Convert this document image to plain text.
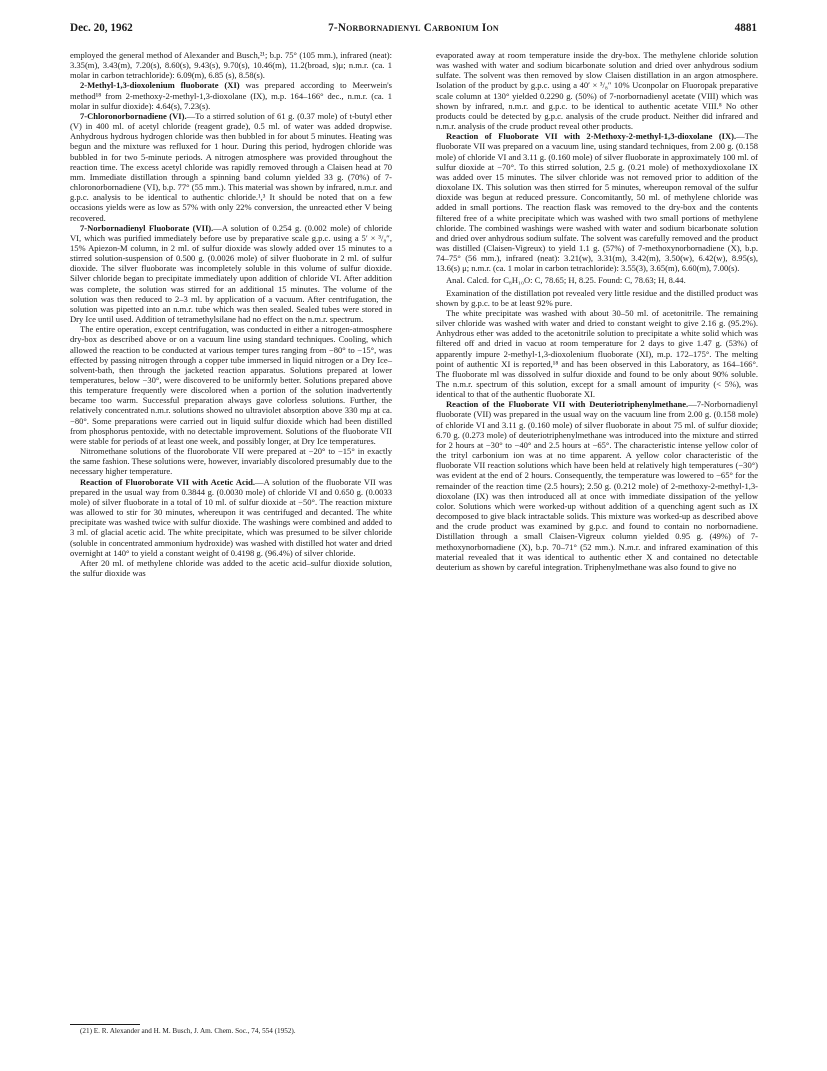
Dec. 20, 1962	7-Norbornadienyl Carbonium Ion	4881

employed the general method of Alexander and Busch,²¹; b.p. 75° (105 mm.), infrared (neat): 3.35(m), 3.43(m), 7.20(s), 8.60(s), 9.43(s), 9.70(s), 10.46(m), 11.2(broad, s)μ; n.m.r. (ca. 1 molar in carbon tetrachloride): 6.09(m), 6.85 (s), 8.58(s).

2-Methyl-1,3-dioxolenium fluoborate (XI) was prepared according to Meerwein's method¹⁸ from 2-methoxy-2-methyl-1,3-dioxolane (IX), m.p. 164–166° dec., n.m.r. (ca. 1 molar in sulfur dioxide): 4.64(s), 7.23(s).

7-Chloronorbornadiene (VI).—To a stirred solution of 61 g. (0.37 mole) of t-butyl ether (V) in 400 ml. of acetyl chloride (reagent grade), 0.5 ml. of water was added dropwise. Anhydrous hydrous hydrogen chloride was then bubbled in for about 5 minutes. Heating was begun and the mixture was refluxed for 1 hour. During this period, hydrogen chloride was bubbled in for two 5-minute periods. A nitrogen atmosphere was provided throughout the reaction time. The excess acetyl chloride was rapidly removed through a Claisen head at 70 mm. Immediate distillation through a spinning band column yielded 33 g. (70%) of 7-chloronorbornadiene (VI), b.p. 77° (55 mm.). This material was shown by infrared, n.m.r. and g.p.c. analysis to be identical to authentic chloride.¹,³ It should be noted that on a few occasions yields were as low as 57% with only 22% conversion, the unreacted ether V being recovered.

7-Norbornadienyl Fluoborate (VII).—A solution of 0.254 g. (0.002 mole) of chloride VI, which was purified immediately before use by preparative scale g.p.c. using a 5′ × ³/₈″, 15% Apiezon-M column, in 2 ml. of sulfur dioxide was slowly added over 15 minutes to a stirred solution-suspension of 0.500 g. (0.0026 mole) of silver fluoborate in 2 ml. of sulfur dioxide. The silver fluoborate was incompletely soluble in this volume of sulfur dioxide. Silver chloride began to precipitate immediately upon addition of chloride VI. After addition was complete, the solution was stirred for an additional 15 minutes. The volume of the solution was then reduced to 2–3 ml. by application of a vacuum. After centrifugation, the solution was pipetted into an n.m.r. tube which was then sealed. Sealed tubes were stored in Dry Ice until used. Addition of tetramethylsilane had no effect on the n.m.r. spectrum.

The entire operation, except centrifugation, was conducted in either a nitrogen-atmosphere dry-box as described above or on a vacuum line using standard techniques. Cooling, which allowed the reaction to be conducted at various temper tures ranging from −80° to −15°, was effected by passing nitrogen through a copper tube immersed in liquid nitrogen or a Dry Ice–solvent-bath, then through the jacketed reaction apparatus. Solutions prepared at lower temperatures, below −30°, were discovered to be uniformly better. Solutions prepared above this temperature frequently were discolored when a portion of the solution inadvertently became too warm. Successful preparation always gave colorless solutions. Further, the relatively concentrated n.m.r. solutions showed no ultraviolet absorption above 330 mμ at ca. −80°. Some preparations were carried out in liquid sulfur dioxide which had been distilled from phosphorus pentoxide, with no detectable improvement. Solutions of the fluoborate VII were stable for periods of at least one week, and possibly longer, at Dry Ice temperatures.

Nitromethane solutions of the fluoroborate VII were prepared at −20° to −15° in exactly the same fashion. These solutions were, however, invariably discolored presumably due to the necessary higher temperature.

Reaction of Fluoroborate VII with Acetic Acid.—A solution of the fluoborate VII was prepared in the usual way from 0.3844 g. (0.0030 mole) of chloride VI and 0.650 g. (0.0033 mole) of silver fluoborate in a total of 10 ml. of sulfur dioxide at −50°. The reaction mixture was allowed to stir for 30 minutes, whereupon it was centrifuged and decanted. The white precipitate was washed twice with sulfur dioxide. The washings were combined and added to 3 ml. of glacial acetic acid. The white precipitate, which was presumed to be silver chloride (soluble in concentrated ammonium hydroxide) was washed with distilled hot water and dried overnight at 140° to yield a constant weight of 0.4198 g. (96.4%) of silver chloride.

After 20 ml. of methylene chloride was added to the acetic acid–sulfur dioxide solution, the sulfur dioxide was

evaporated away at room temperature inside the dry-box. The methylene chloride solution was washed with water and sodium bicarbonate solution and dried over anhydrous sodium sulfate. The solvent was then removed by slow Claisen distillation in an argon atmosphere. Isolation of the product by g.p.c. using a 40′ × ³/₈″ 10% Uconpolar on Fluoropak preparative scale column at 130° yielded 0.2290 g. (50%) of 7-norbornadienyl acetate (VIII) which was shown by infrared, n.m.r. and g.p.c. to be identical to authentic acetate VIII.⁸ No other products could be detected by g.p.c. analysis of the crude product. Neither did infrared and n.m.r. analysis of the crude product reveal other products.

Reaction of Fluoborate VII with 2-Methoxy-2-methyl-1,3-dioxolane (IX).—The fluoborate VII was prepared on a vacuum line, using standard techniques, from 2.00 g. (0.158 mole) of chloride VI and 3.11 g. (0.160 mole) of silver fluoborate in approximately 100 ml. of sulfur dioxide at −70°. To this stirred solution, 2.5 g. (0.21 mole) of methoxydioxolane IX was added over 15 minutes. The silver chloride was not removed prior to addition of the dioxolane IX. This solution was then stirred for 5 minutes, whereupon removal of the sulfur dioxide was begun at reduced pressure. Concomitantly, 50 ml. of methylene chloride was added in small portions. The reaction flask was removed to the dry-box and the contents filtered free of a white precipitate which was washed with two small portions of methylene chloride. The combined washings were washed with water and sodium bicarbonate solution and dried over anhydrous sodium sulfate. The solvent was carefully removed and the product was distilled (Claisen-Vigreux) to yield 1.1 g. (57%) of 7-methoxynorbornadiene (X), b.p. 74–75° (56 mm.), infrared (neat): 3.21(w), 3.31(m), 3.42(m), 3.50(w), 6.42(w), 8.95(s), 13.6(s) μ; n.m.r. (ca. 1 molar in carbon tetrachloride): 3.55(3), 3.65(m), 6.60(m), 7.00(s).

Anal. Calcd. for C₈H₁₀O: C, 78.65; H, 8.25. Found: C, 78.63; H, 8.44.

Examination of the distillation pot revealed very little residue and the distilled product was shown by g.p.c. to be at least 92% pure.

The white precipitate was washed with about 30–50 ml. of acetonitrile. The remaining silver chloride was washed with water and dried to constant weight to give 2.16 g. (95.2%). Anhydrous ether was added to the acetonitrile solution to precipitate a white solid which was filtered off and dried in vacuo at room temperature for 2 days to give 1.47 g. (53%) of apparently impure 2-methyl-1,3-dioxolenium fluoborate (XI), m.p. 172–175°. The melting point of authentic XI is reported,¹⁸ and has been observed in this Laboratory, as 164–166°. The fluoborate ml was dissolved in sulfur dioxide and found to be only about 90% soluble. The n.m.r. spectrum of this solution, except for a small amount of impurity (< 5%), was identical to that of the authentic fluoborate XI.

Reaction of the Fluoborate VII with Deuteriotriphenylmethane.—7-Norbornadienyl fluoborate (VII) was prepared in the usual way on the vacuum line from 2.00 g. (0.158 mole) of chloride VI and 3.11 g. (0.160 mole) of silver fluoborate in about 75 ml. of sulfur dioxide; 6.70 g. (0.273 mole) of deuteriotriphenylmethane was introduced into the mixture and stirred for 2 hours at −30° to −40° and 2.5 hours at −65°. The characteristic intense yellow color of the trityl carbonium ion was at no time apparent. A yellow color characteristic of the fluoborate VII reaction solutions which have been held at relatively high temperatures (−30°) was evident at the end of 2 hours. Consequently, the temperature was lowered to −65° for the remainder of the reaction time (2.5 hours); 2.50 g. (0.212 mole) of 2-methoxy-2-methyl-1,3-dioxolane (IX) was then introduced all at once with immediate dissipation of the yellow color. Solutions which were worked-up without addition of a quenching agent such as IX decomposed to give black intractable solids. This mixture was worked-up as described above and the crude product was examined by g.p.c. and found to contain no norbornadiene. Distillation through a small Claisen-Vigreux column yielded 0.95 g. (49%) of 7-methoxynorbornadiene (X), b.p. 70–71° (52 mm.). N.m.r. and infrared examination of this material revealed that it was identical to authentic ether X and contained no detectable deuterium as shown by careful integration. Triphenylmethane was also found to give no

(21) E. R. Alexander and H. M. Busch, J. Am. Chem. Soc., 74, 554 (1952).
